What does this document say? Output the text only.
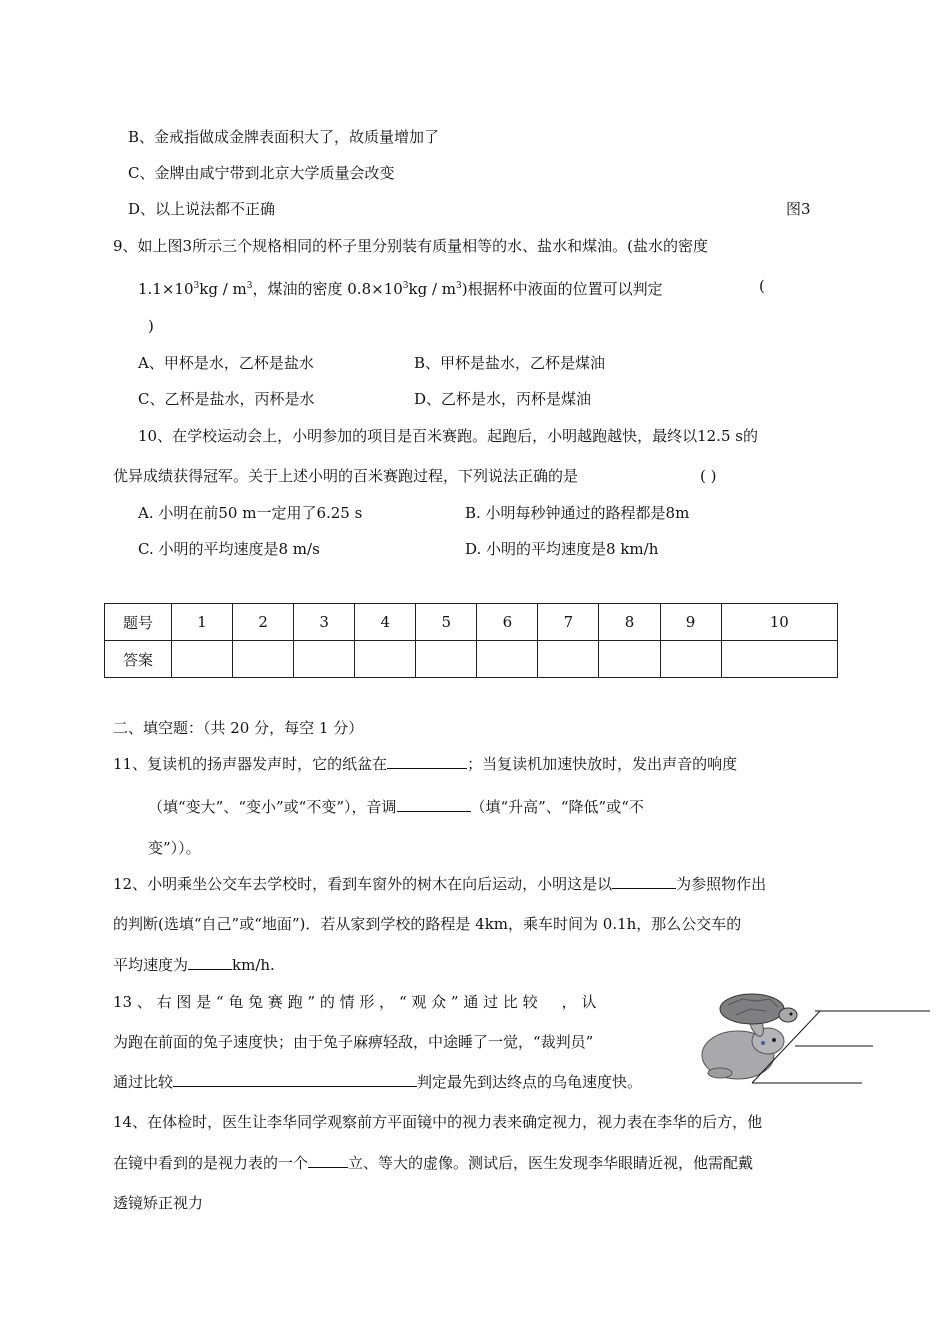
B、金戒指做成金牌表面积大了，故质量增加了
C、金牌由咸宁带到北京大学质量会改变
D、以上说法都不正确	图3
9、如上图3所示三个规格相同的杯子里分别装有质量相等的水、盐水和煤油。(盐水的密度
$1.1\times 10^3kg / m^3$，煤油的密度 $0.8\times 10^3kg / m^3$)根据杯中液面的位置可以判定	(
)
A、甲杯是水，乙杯是盐水	B、甲杯是盐水，乙杯是煤油
C、乙杯是盐水，丙杯是水	D、乙杯是水，丙杯是煤油
10、在学校运动会上，小明参加的项目是百米赛跑。起跑后，小明越跑越快，最终以12.5 s的
优异成绩获得冠军。关于上述小明的百米赛跑过程，下列说法正确的是	( )
A. 小明在前50 m一定用了6.25 s	B. 小明每秒钟通过的路程都是8m
C. 小明的平均速度是8 m/s	D. 小明的平均速度是8 km/h
题号	1	2	3	4	5	6	7	8	9	10
答案										
二、填空题：（共 20 分，每空 1 分）
11、复读机的扬声器发声时，它的纸盆在	；当复读机加速快放时，发出声音的响度
（填“变大”、“变小”或“不变”），音调	（填“升高”、“降低”或“不
变”））。
12、小明乘坐公交车去学校时，看到车窗外的树木在向后运动，小明这是以	为参照物作出
的判断(选填“自己”或“地面”)．若从家到学校的路程是 4km，乘车时间为 0.1h，那么公交车的
平均速度为	km/h.
13 、 右 图 是 “ 龟 兔 赛 跑 ” 的 情 形 ， “ 观 众 ” 通 过 比 较 ， 认
为跑在前面的兔子速度快；由于兔子麻痹轻敌，中途睡了一觉，“裁判员”
通过比较	判定最先到达终点的乌龟速度快。
14、在体检时，医生让李华同学观察前方平面镜中的视力表来确定视力，视力表在李华的后方，他
在镜中看到的是视力表的一个	立、等大的虚像。测试后，医生发现李华眼睛近视，他需配戴
透镜矫正视力
